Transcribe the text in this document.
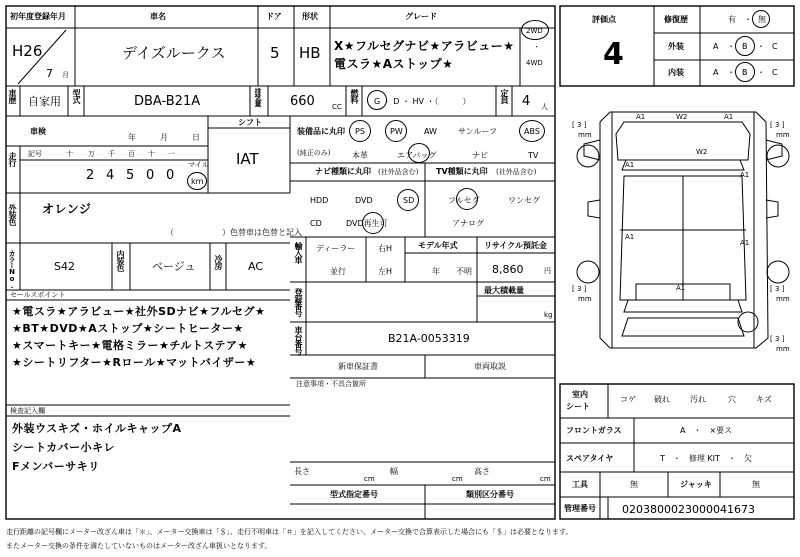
初年度登録年月	車名	ドア	形状	グレード
2WD
・
4WD
H26
7 月
デイズルークス	5 HB X★フルセグナビ★アラビュー★
電スラ★Aストップ★
評価点
4
修復歴	有 ・ 無
外装	A ・ B ・ C
内装	A ・ B ・ C
車歴 自家用 型式	DBA-B21A	排気量 660 CC
燃料 G ・ D ・ HV ・（　　　）	定員 4 人
車検
年	月	日
シフト
IAT
走行 記号	十 万 千 百 十 一
2 4 5 0 0
マイル
km
外装色 オレンジ
（　　　　　　）色替車は色替と記入
カラーNo.	S42	内装色 ベージュ 冷房 AC
セールスポイント
★電スラ★アラビュー★社外SDナビ★フルセグ★
★BT★DVD★Aストップ★シートヒーター★
★スマートキー★電格ミラー★チルトステア★
★シートリフター★Rロール★マットバイザー★
検査記入欄
外装ウスキズ・ホイルキャップA
シートカバー小キレ
Fメンバーサキリ
装備品に丸印
(純正のみ)
PS	PW	AW	サンルーフ	ABS
本革	エアバッグ	ナビ	TV
ナビ種類に丸印 (社外品含む)
HDD	DVD	SD
CD	DVD再生可
TV種類に丸印 (社外品含む)
フルセグ	ワンセグ
アナログ
輸入車 ディーラー
並行
右H
左H
モデル年式
年 不明
リサイクル預託金
8,860	円
登録番号	最大積載量
kg
車台番号	B21A-0053319
新車保証書	車両取説
注意事項・不具合箇所
長さ
cm
幅
cm
高さ
cm
型式指定番号	類別区分番号
[ 3 ]
mm
[ 3 ]
mm
[ 3 ]
mm
[ 3 ]
mm
[ 3 ]
mm
A1	W2	A1
W2
A1
A1
A1
A1
A1
室内
シート
コゲ 破れ	汚れ	穴	キズ
フロントガラス	A　・　×要ス
スペアタイヤ	T　・　修理 KIT　・　欠
工具	無	ジャッキ	無
管理番号 0203800023000041673
走行距離の記号欄にメーター改ざん車は「＊」、メーター交換車は「＄」、走行不明車は「＃」を記入してください。メーター交換で合算表示した場合にも「＄」は必要となります。
またメーター交換の条件を満たしていないものはメーター改ざん車扱いとなります。
